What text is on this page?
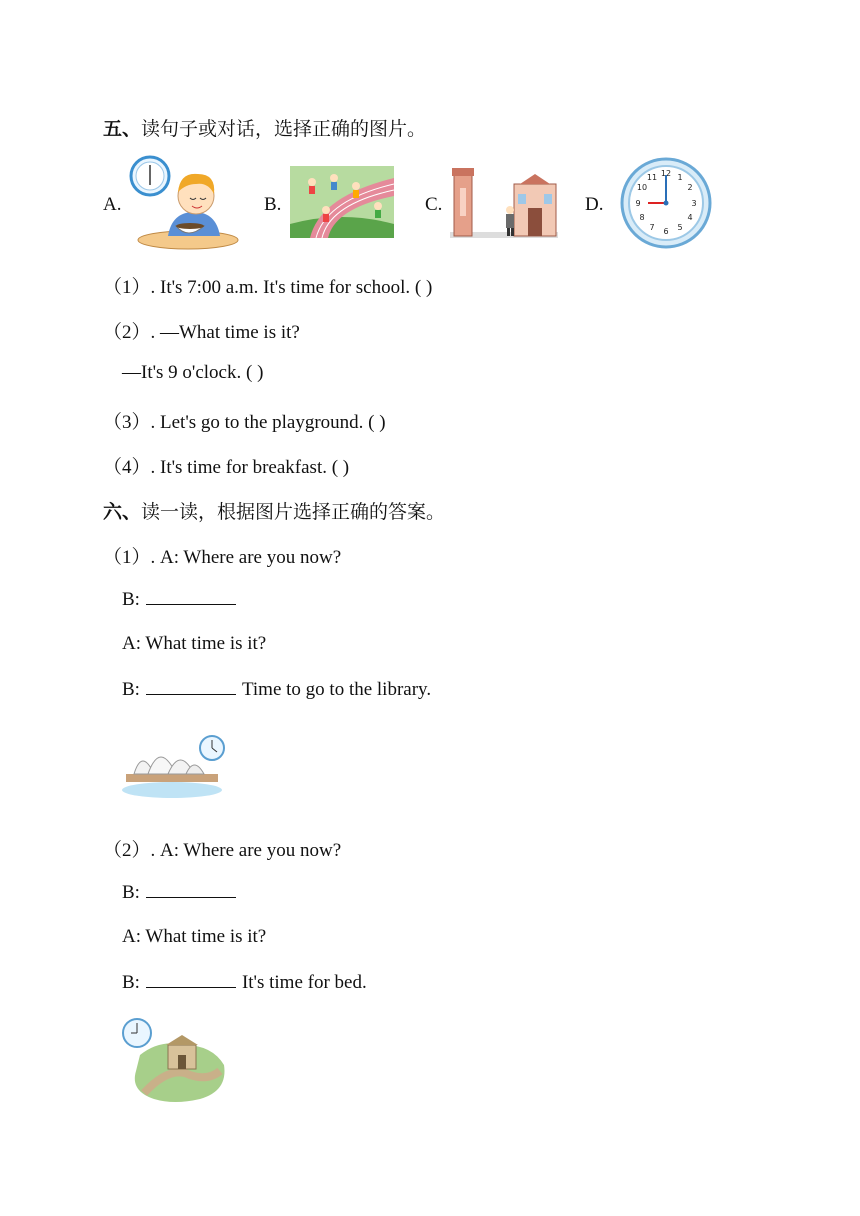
五、读句子或对话，选择正确的图片。
A.	B.	C.	D.
12 1
2
3
4
5
6
7
8
9
10
11
（1）. It's 7:00 a.m. It's time for school. ( )
（2）. —What time is it?
—It's 9 o'clock. ( )
（3）. Let's go to the playground. ( )
（4）. It's time for breakfast. ( )
六、读一读，根据图片选择正确的答案。
（1）. A: Where are you now?
B:
A: What time is it?
B:	Time to go to the library.
（2）. A: Where are you now?
B:
A: What time is it?
B:	It's time for bed.
